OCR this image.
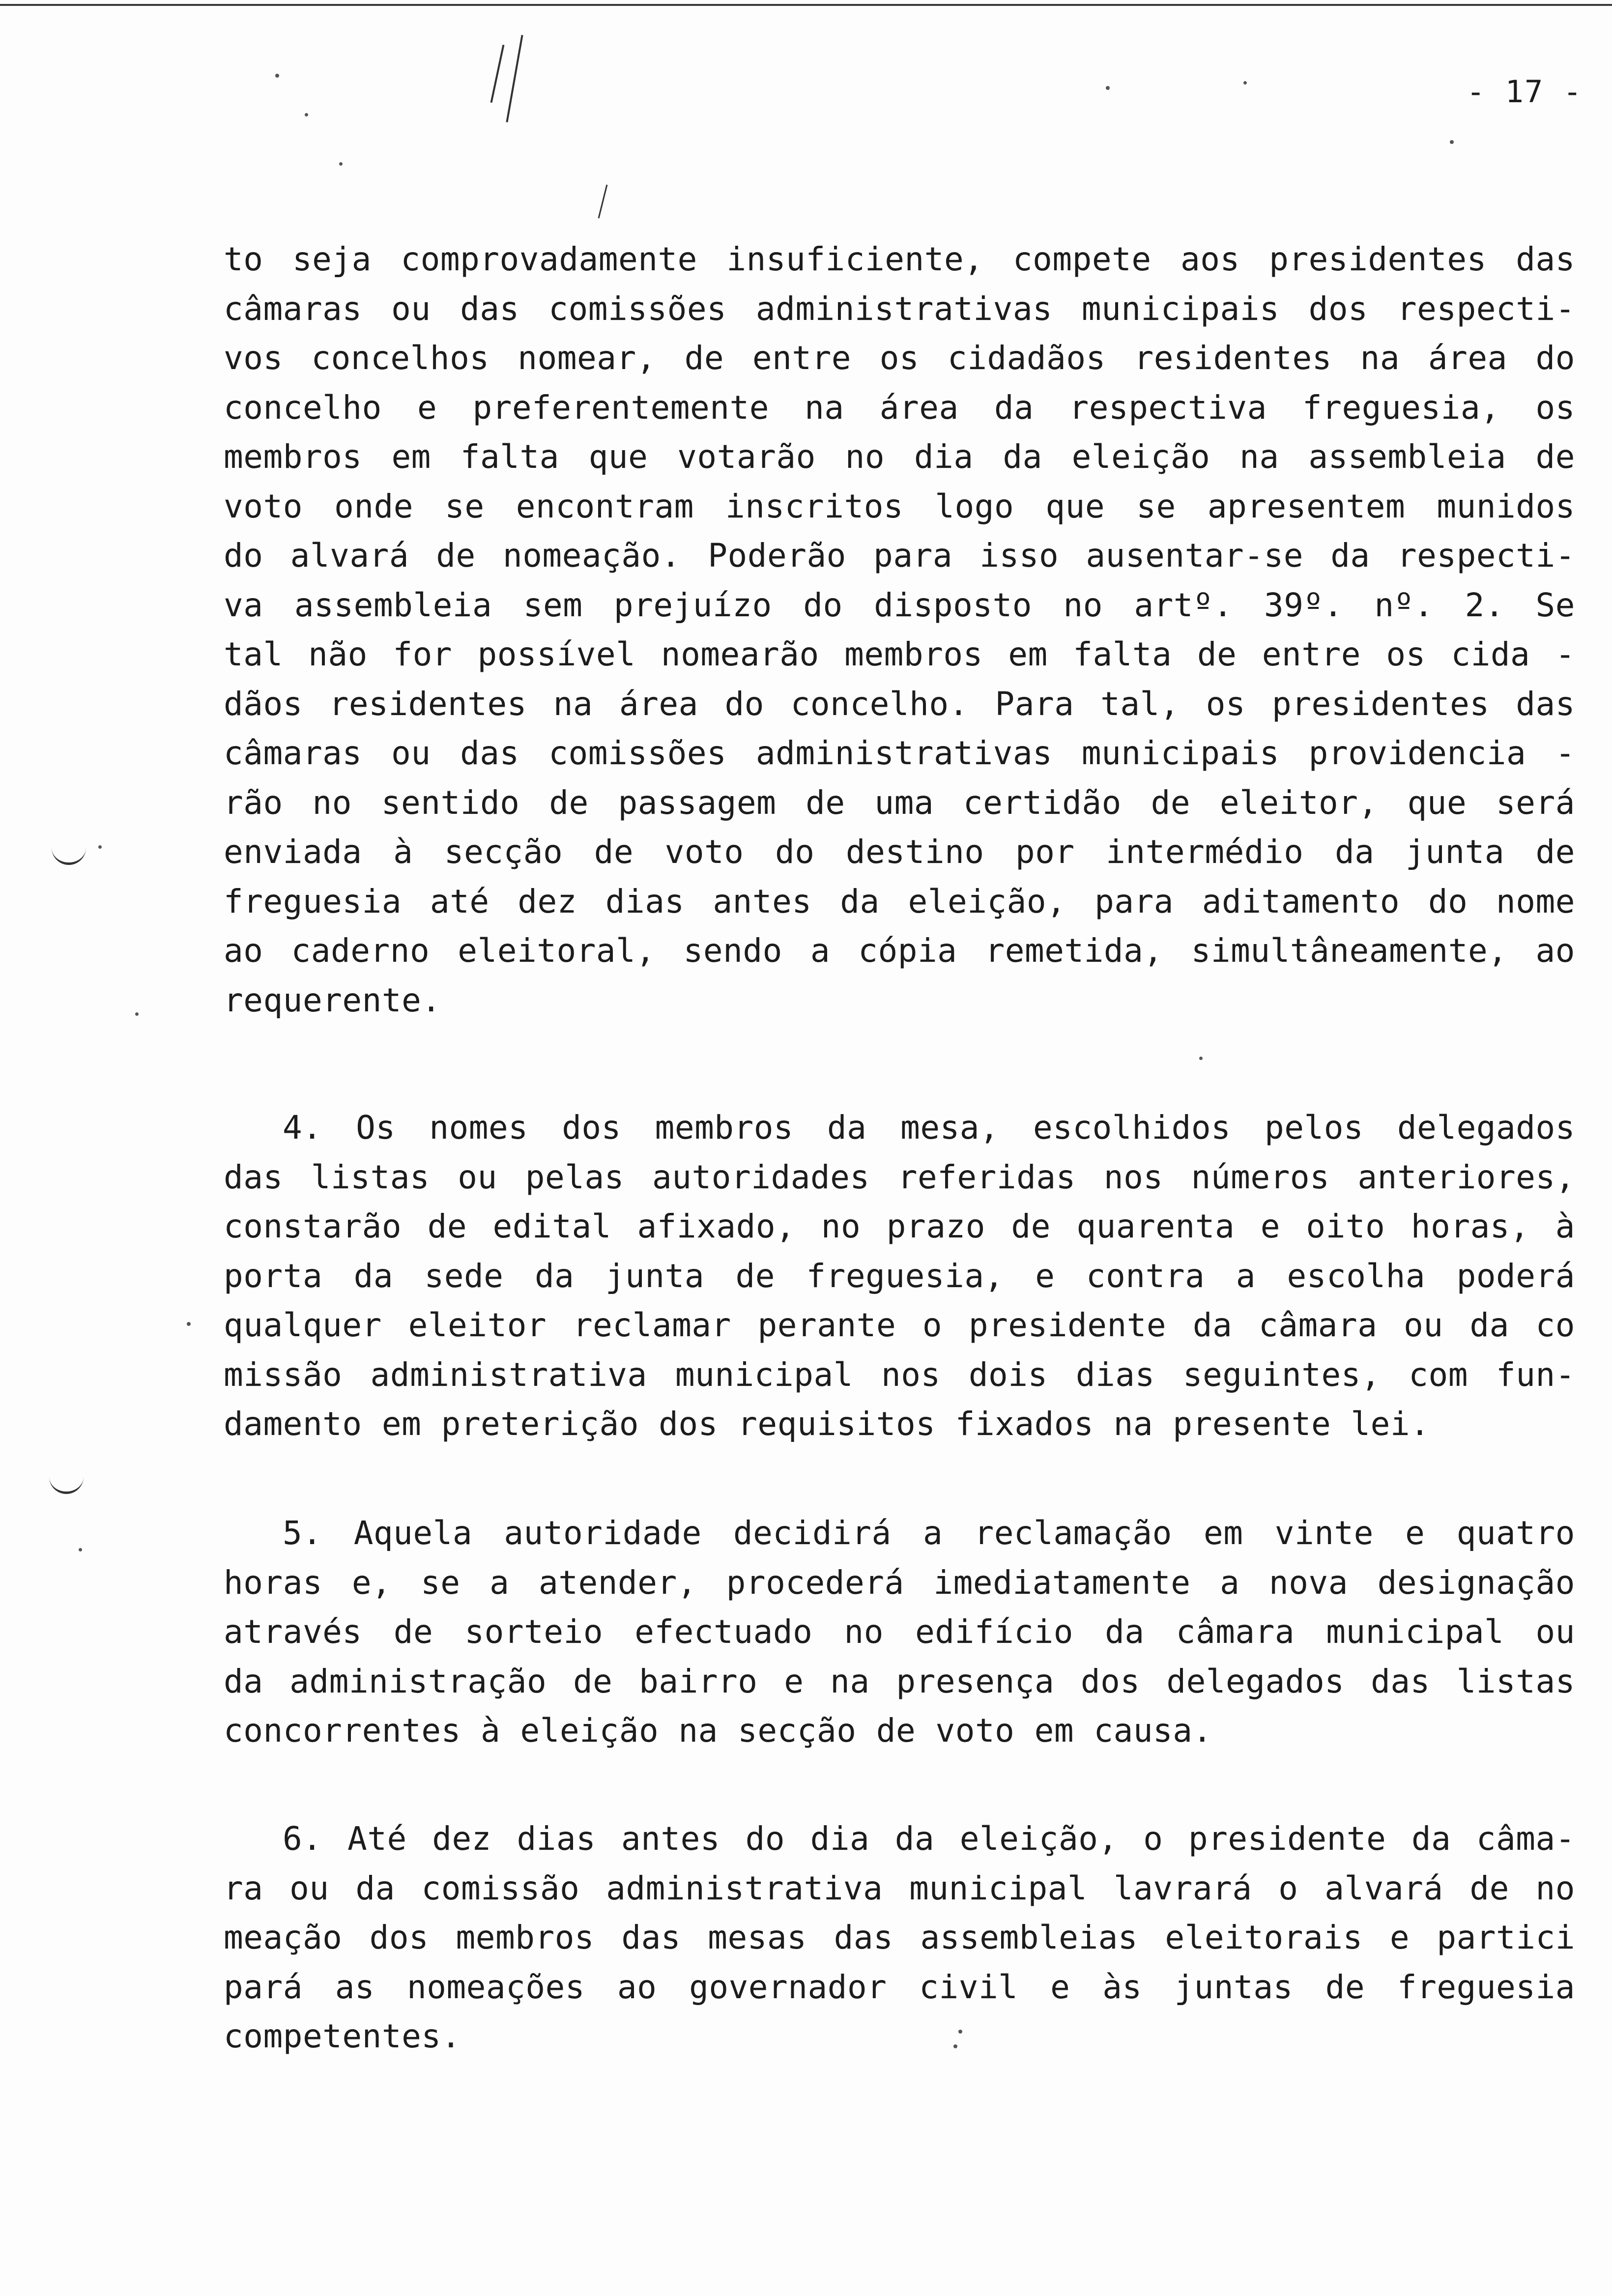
- 17 -
to seja comprovadamente insuficiente, compete aos presidentes das
câmaras ou das comissões administrativas municipais dos respecti-
vos concelhos nomear, de entre os cidadãos residentes na área do
concelho e preferentemente na área da respectiva freguesia, os
membros em falta que votarão no dia da eleição na assembleia de
voto onde se encontram inscritos logo que se apresentem munidos
do alvará de nomeação. Poderão para isso ausentar-se da respecti-
va assembleia sem prejuízo do disposto no artº. 39º. nº. 2. Se
tal não for possível nomearão membros em falta de entre os cida -
dãos residentes na área do concelho. Para tal, os presidentes das
câmaras ou das comissões administrativas municipais providencia -
rão no sentido de passagem de uma certidão de eleitor, que será
enviada à secção de voto do destino por intermédio da junta de
freguesia até dez dias antes da eleição, para aditamento do nome
ao caderno eleitoral, sendo a cópia remetida, simultâneamente, ao
requerente.
4. Os nomes dos membros da mesa, escolhidos pelos delegados
das listas ou pelas autoridades referidas nos números anteriores,
constarão de edital afixado, no prazo de quarenta e oito horas, à
porta da sede da junta de freguesia, e contra a escolha poderá
qualquer eleitor reclamar perante o presidente da câmara ou da co
missão administrativa municipal nos dois dias seguintes, com fun-
damento em preterição dos requisitos fixados na presente lei.
5. Aquela autoridade decidirá a reclamação em vinte e quatro
horas e, se a atender, procederá imediatamente a nova designação
através de sorteio efectuado no edifício da câmara municipal ou
da administração de bairro e na presença dos delegados das listas
concorrentes à eleição na secção de voto em causa.
6. Até dez dias antes do dia da eleição, o presidente da câma-
ra ou da comissão administrativa municipal lavrará o alvará de no
meação dos membros das mesas das assembleias eleitorais e partici
pará as nomeações ao governador civil e às juntas de freguesia
competentes.
